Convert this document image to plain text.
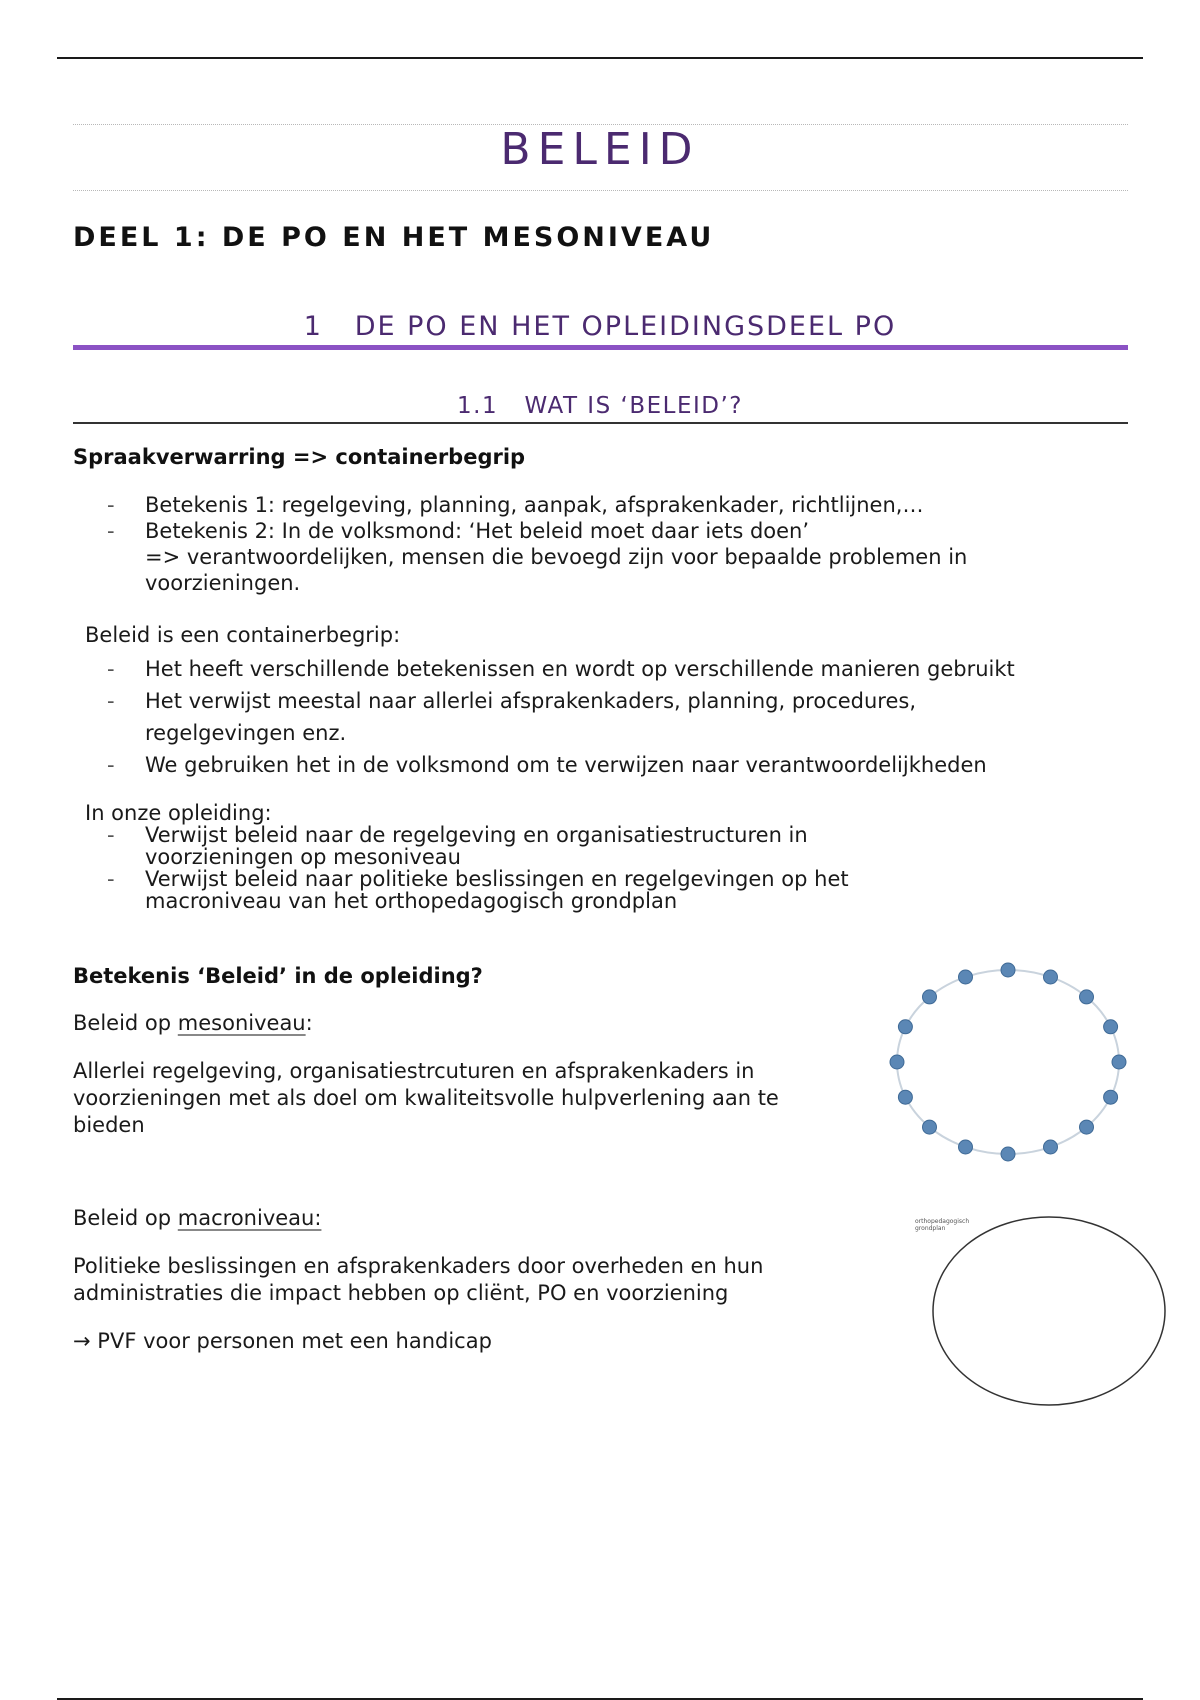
BELEID
DEEL 1: DE PO EN HET MESONIVEAU
1 DE PO EN HET OPLEIDINGSDEEL PO
1.1 WAT IS ‘BELEID’?
Spraakverwarring => containerbegrip
- Betekenis 1: regelgeving, planning, aanpak, afsprakenkader, richtlijnen,…
- Betekenis 2: In de volksmond: ‘Het beleid moet daar iets doen’
=> verantwoordelijken, mensen die bevoegd zijn voor bepaalde problemen in voorzieningen.
Beleid is een containerbegrip:
- Het heeft verschillende betekenissen en wordt op verschillende manieren gebruikt
- Het verwijst meestal naar allerlei afsprakenkaders, planning, procedures, regelgevingen enz.
- We gebruiken het in de volksmond om te verwijzen naar verantwoordelijkheden
In onze opleiding:
- Verwijst beleid naar de regelgeving en organisatiestructuren in voorzieningen op mesoniveau
- Verwijst beleid naar politieke beslissingen en regelgevingen op het macroniveau van het orthopedagogisch grondplan
Betekenis ‘Beleid’ in de opleiding?
Beleid op mesoniveau:
Allerlei regelgeving, organisatiestrcuturen en afsprakenkaders in voorzieningen met als doel om kwaliteitsvolle hulpverlening aan te bieden
Beleid op macroniveau:
Politieke beslissingen en afsprakenkaders door overheden en hun administraties die impact hebben op cliënt, PO en voorziening
→ PVF voor personen met een handicap
orthopedagogisch grondplan
